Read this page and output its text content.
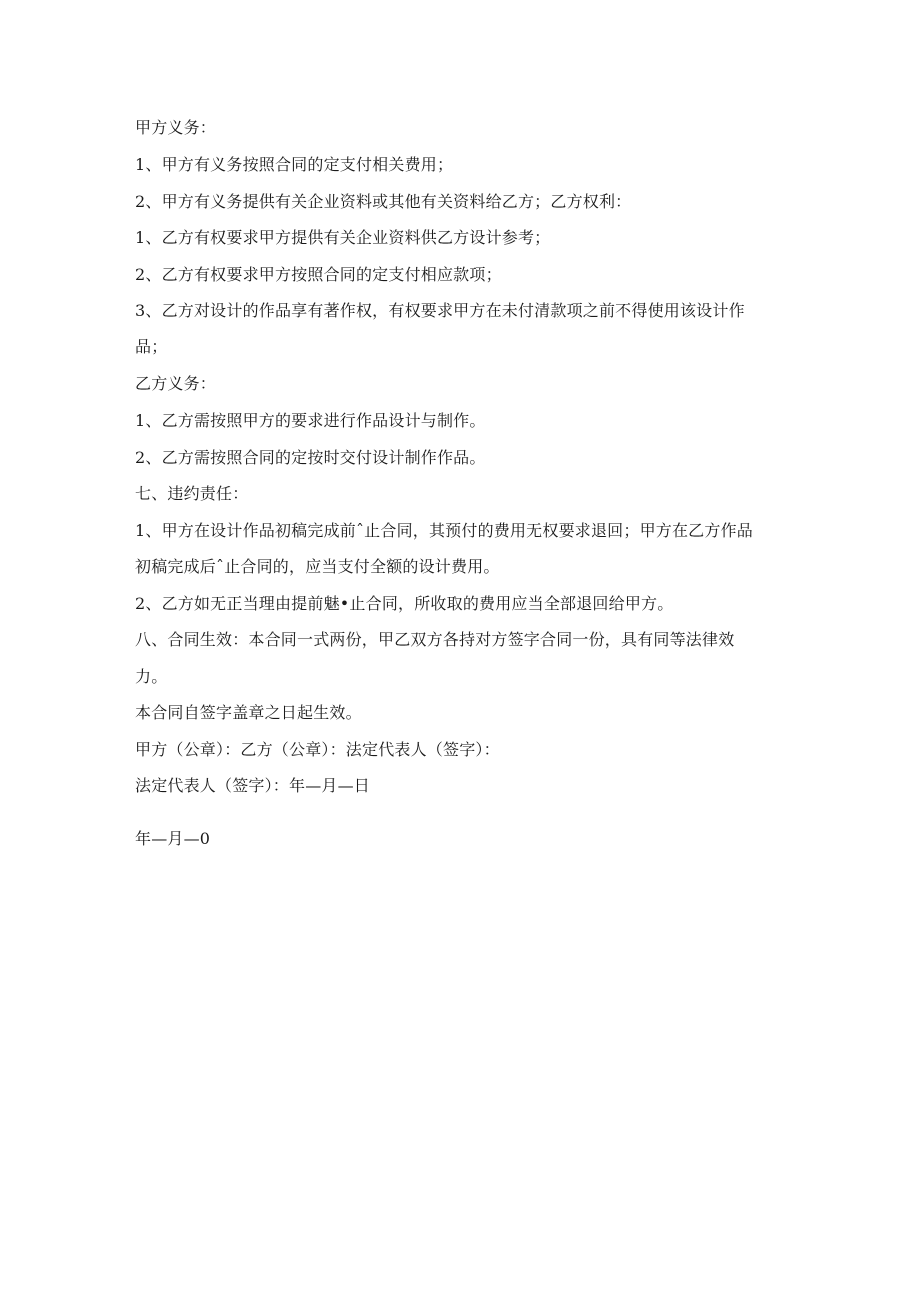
甲方义务：
1、甲方有义务按照合同的定支付相关费用；
2、甲方有义务提供有关企业资料或其他有关资料给乙方；乙方权利：
1、乙方有权要求甲方提供有关企业资料供乙方设计参考；
2、乙方有权要求甲方按照合同的定支付相应款项；
3、乙方对设计的作品享有著作权，有权要求甲方在未付清款项之前不得使用该设计作
品；
乙方义务：
1、乙方需按照甲方的要求进行作品设计与制作。
2、乙方需按照合同的定按时交付设计制作作品。
七、违约责任：
1、甲方在设计作品初稿完成前ˆ止合同，其预付的费用无权要求退回；甲方在乙方作品
初稿完成后ˆ止合同的，应当支付全额的设计费用。
2、乙方如无正当理由提前魅•止合同，所收取的费用应当全部退回给甲方。
八、合同生效：本合同一式两份，甲乙双方各持对方签字合同一份，具有同等法律效
力。
本合同自签字盖章之日起生效。
甲方（公章）：乙方（公章）：法定代表人（签字）：
法定代表人（签字）：年—月—日
年—月—0
